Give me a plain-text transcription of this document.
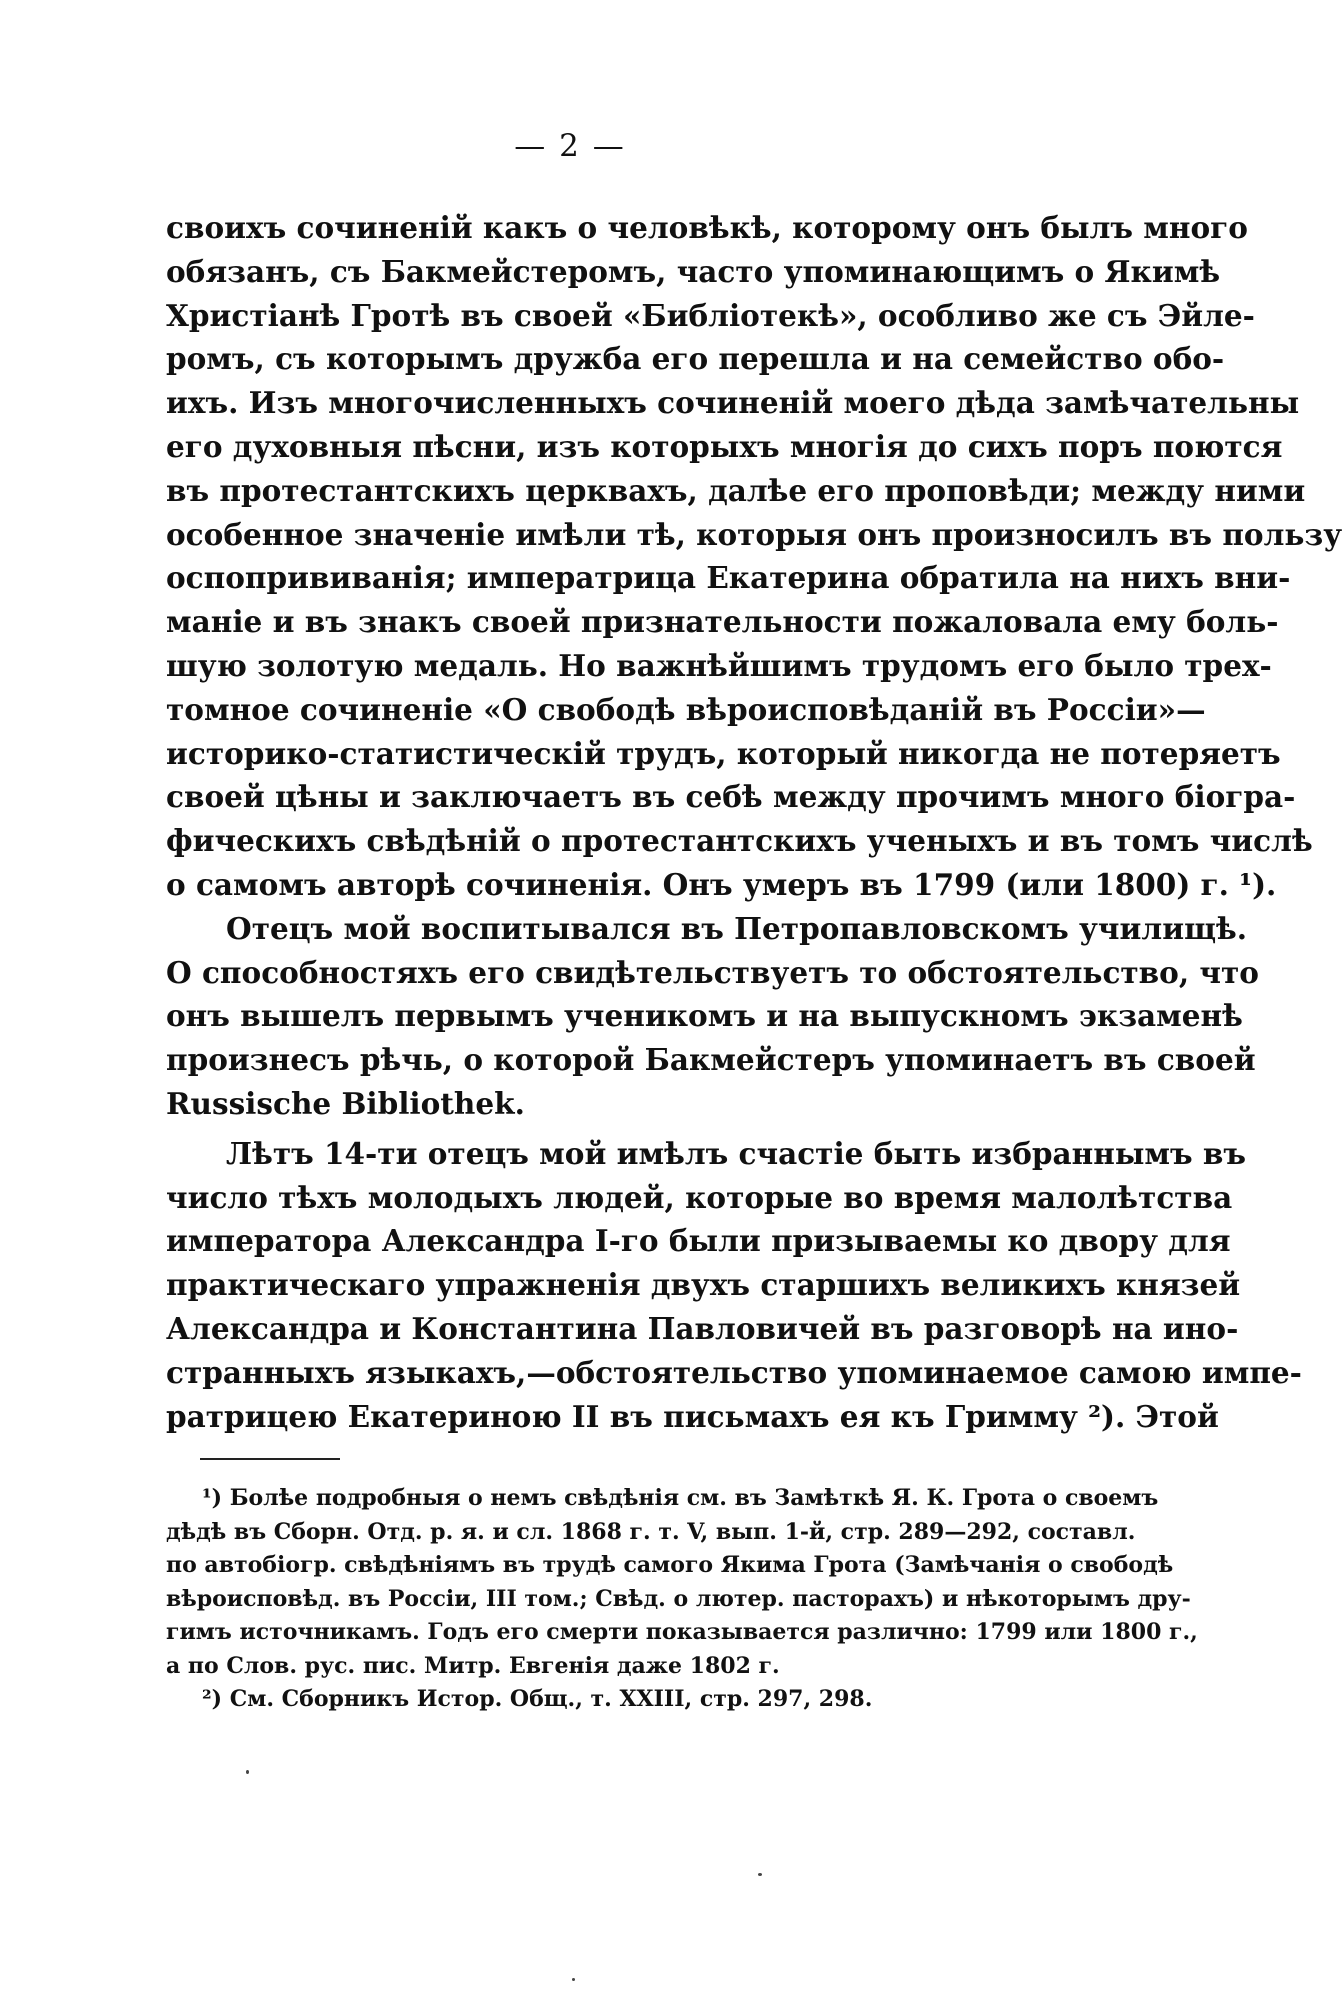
— 2 —
своихъ сочиненій какъ о человѣкѣ, которому онъ былъ много
обязанъ, съ Бакмейстеромъ, часто упоминающимъ о Якимѣ
Христіанѣ Гротѣ въ своей «Библіотекѣ», особливо же съ Эйле-
ромъ, съ которымъ дружба его перешла и на семейство обо-
ихъ. Изъ многочисленныхъ сочиненій моего дѣда замѣчательны
его духовныя пѣсни, изъ которыхъ многія до сихъ поръ поются
въ протестантскихъ церквахъ, далѣе его проповѣди; между ними
особенное значеніе имѣли тѣ, которыя онъ произносилъ въ пользу
оспопрививанія; императрица Екатерина обратила на нихъ вни-
маніе и въ знакъ своей признательности пожаловала ему боль-
шую золотую медаль. Но важнѣйшимъ трудомъ его было трех-
томное сочиненіе «О свободѣ вѣроисповѣданій въ Россіи»—
историко-статистическій трудъ, который никогда не потеряетъ
своей цѣны и заключаетъ въ себѣ между прочимъ много біогра-
фическихъ свѣдѣній о протестантскихъ ученыхъ и въ томъ числѣ
о самомъ авторѣ сочиненія. Онъ умеръ въ 1799 (или 1800) г. ¹).
Отецъ мой воспитывался въ Петропавловскомъ училищѣ.
О способностяхъ его свидѣтельствуетъ то обстоятельство, что
онъ вышелъ первымъ ученикомъ и на выпускномъ экзаменѣ
произнесъ рѣчь, о которой Бакмейстеръ упоминаетъ въ своей
Russische Bibliothek.
Лѣтъ 14-ти отецъ мой имѣлъ счастіе быть избраннымъ въ
число тѣхъ молодыхъ людей, которые во время малолѣтства
императора Александра I-го были призываемы ко двору для
практическаго упражненія двухъ старшихъ великихъ князей
Александра и Константина Павловичей въ разговорѣ на ино-
странныхъ языкахъ,—обстоятельство упоминаемое самою импе-
ратрицею Екатериною II въ письмахъ ея къ Гримму ²). Этой
¹) Болѣе подробныя о немъ свѣдѣнія см. въ Замѣткѣ Я. К. Грота о своемъ
дѣдѣ въ Сборн. Отд. р. я. и сл. 1868 г. т. V, вып. 1-й, стр. 289—292, составл.
по автобіогр. свѣдѣніямъ въ трудѣ самого Якима Грота (Замѣчанія о свободѣ
вѣроисповѣд. въ Россіи, III том.; Свѣд. о лютер. пасторахъ) и нѣкоторымъ дру-
гимъ источникамъ. Годъ его смерти показывается различно: 1799 или 1800 г.,
а по Слов. рус. пис. Митр. Евгенія даже 1802 г.
²) См. Сборникъ Истор. Общ., т. XXIII, стр. 297, 298.
